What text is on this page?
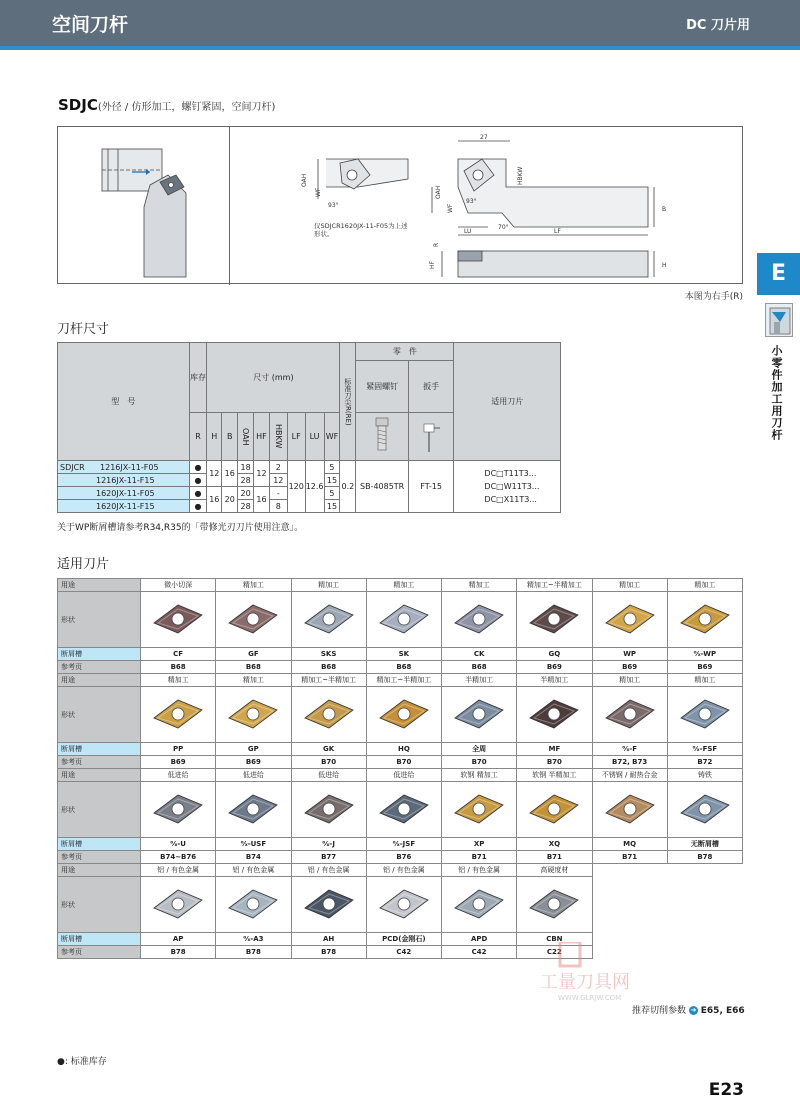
空间刀杆	DC 刀片用
E
小零件加工用刀杆
SDJC(外径 / 仿形加工，螺钉紧固，空间刀杆)
OAH
WF
93°
27
93°
70°
OAH
WF
HBKW
B
LU	LF
R
HF	H
仅SDJCR1620JX-11-F05为上述形状。
本图为右手(R)
刀杆尺寸
型　号	库存	尺寸 (mm)								标准刀尖R(RE)	零　件		适用刀片
											紧固螺钉	扳手	
	R	H	B	OAH	HF	HBKW	LF	LU	WF		
SDJCR 1216JX-11-F05	●	12	16	18	12	2	120	12.6	5	0.2	SB-4085TR	FT-15	DC□T11T3...
DC□W11T3...
DC□X11T3...

1216JX-11-F15	●			28		12			15				
1620JX-11-F05	●	16	20	20	16	-			5				
1620JX-11-F15	●			28		8			15				
关于WP断屑槽请参考R34,R35的「带修光刃刀片使用注意」。
适用刀片
用途	微小切深	精加工	精加工	精加工	精加工	精加工~半精加工	精加工	精加工
形状								
断屑槽	CF	GF	SKS	SK	CK	GQ	WP	⁰⁄ₓ-WP
参考页	B68	B68	B68	B68	B68	B69	B69	B69
用途	精加工	精加工	精加工~半精加工	精加工~半精加工	半精加工	半精加工	精加工	精加工
形状								
断屑槽	PP	GP	GK	HQ	全周	MF	⁰⁄ₓ-F	⁰⁄ₓ-FSF
参考页	B69	B69	B70	B70	B70	B70	B72, B73	B72
用途	低进给	低进给	低进给	低进给	软钢 精加工	软钢 半精加工	不锈钢 / 耐热合金	铸铁
形状								
断屑槽	⁰⁄ₓ-U	⁰⁄ₓ-USF	⁰⁄ₓ-J	⁰⁄ₓ-JSF	XP	XQ	MQ	无断屑槽
参考页	B74~B76	B74	B77	B76	B71	B71	B71	B78
用途	铝 / 有色金属	铝 / 有色金属	铝 / 有色金属	铝 / 有色金属	铝 / 有色金属	高硬度材		
形状								
断屑槽	AP	⁰⁄ₓ-A3	AH	PCD(金刚石)	APD	CBN		
参考页	B78	B78	B78	C42	C42	C22		
工量刀具网
WWW.GLRJW.COM
推荐切削参数 ➜ E65, E66
●: 标准库存
E23
